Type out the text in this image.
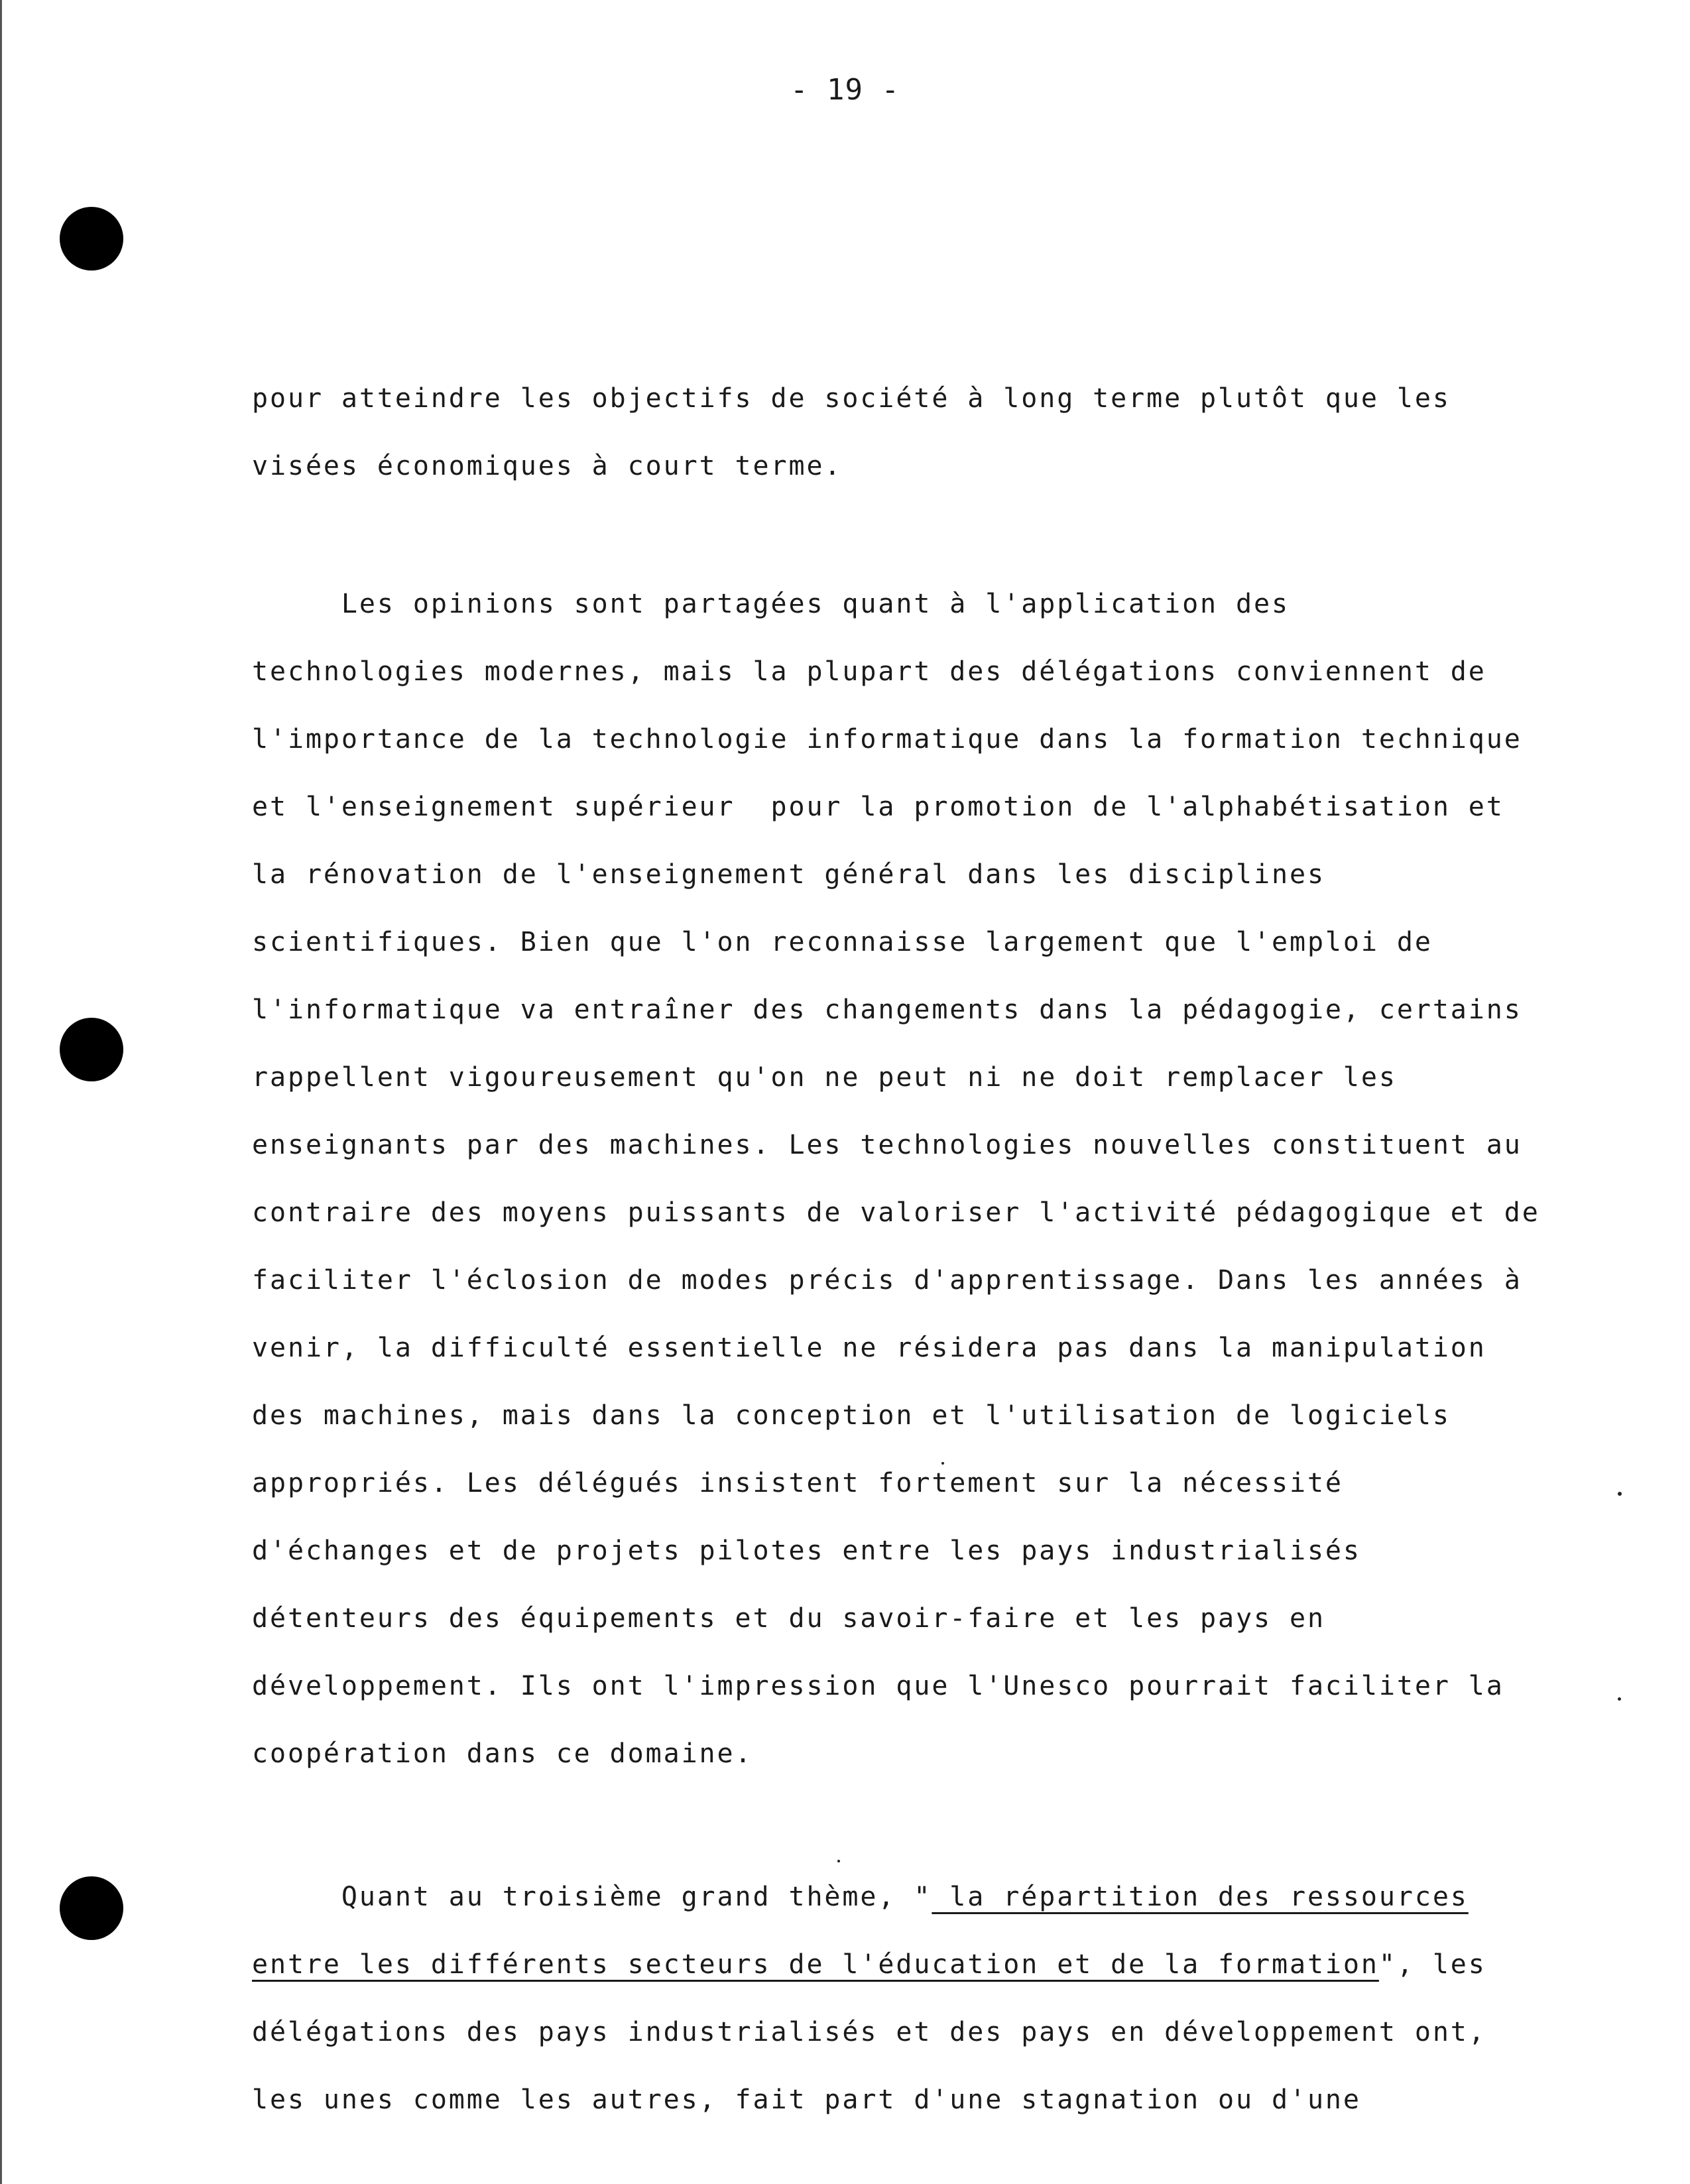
- 19 -

pour atteindre les objectifs de société à long terme plutôt que les
visées économiques à court terme.

Les opinions sont partagées quant à l'application des
technologies modernes, mais la plupart des délégations conviennent de
l'importance de la technologie informatique dans la formation technique
et l'enseignement supérieur  pour la promotion de l'alphabétisation et
la rénovation de l'enseignement général dans les disciplines
scientifiques. Bien que l'on reconnaisse largement que l'emploi de
l'informatique va entraîner des changements dans la pédagogie, certains
rappellent vigoureusement qu'on ne peut ni ne doit remplacer les
enseignants par des machines. Les technologies nouvelles constituent au
contraire des moyens puissants de valoriser l'activité pédagogique et de
faciliter l'éclosion de modes précis d'apprentissage. Dans les années à
venir, la difficulté essentielle ne résidera pas dans la manipulation
des machines, mais dans la conception et l'utilisation de logiciels
appropriés. Les délégués insistent fortement sur la nécessité
d'échanges et de projets pilotes entre les pays industrialisés
détenteurs des équipements et du savoir-faire et les pays en
développement. Ils ont l'impression que l'Unesco pourrait faciliter la
coopération dans ce domaine.

Quant au troisième grand thème, " la répartition des ressources
entre les différents secteurs de l'éducation et de la formation", les
délégations des pays industrialisés et des pays en développement ont,
les unes comme les autres, fait part d'une stagnation ou d'une
